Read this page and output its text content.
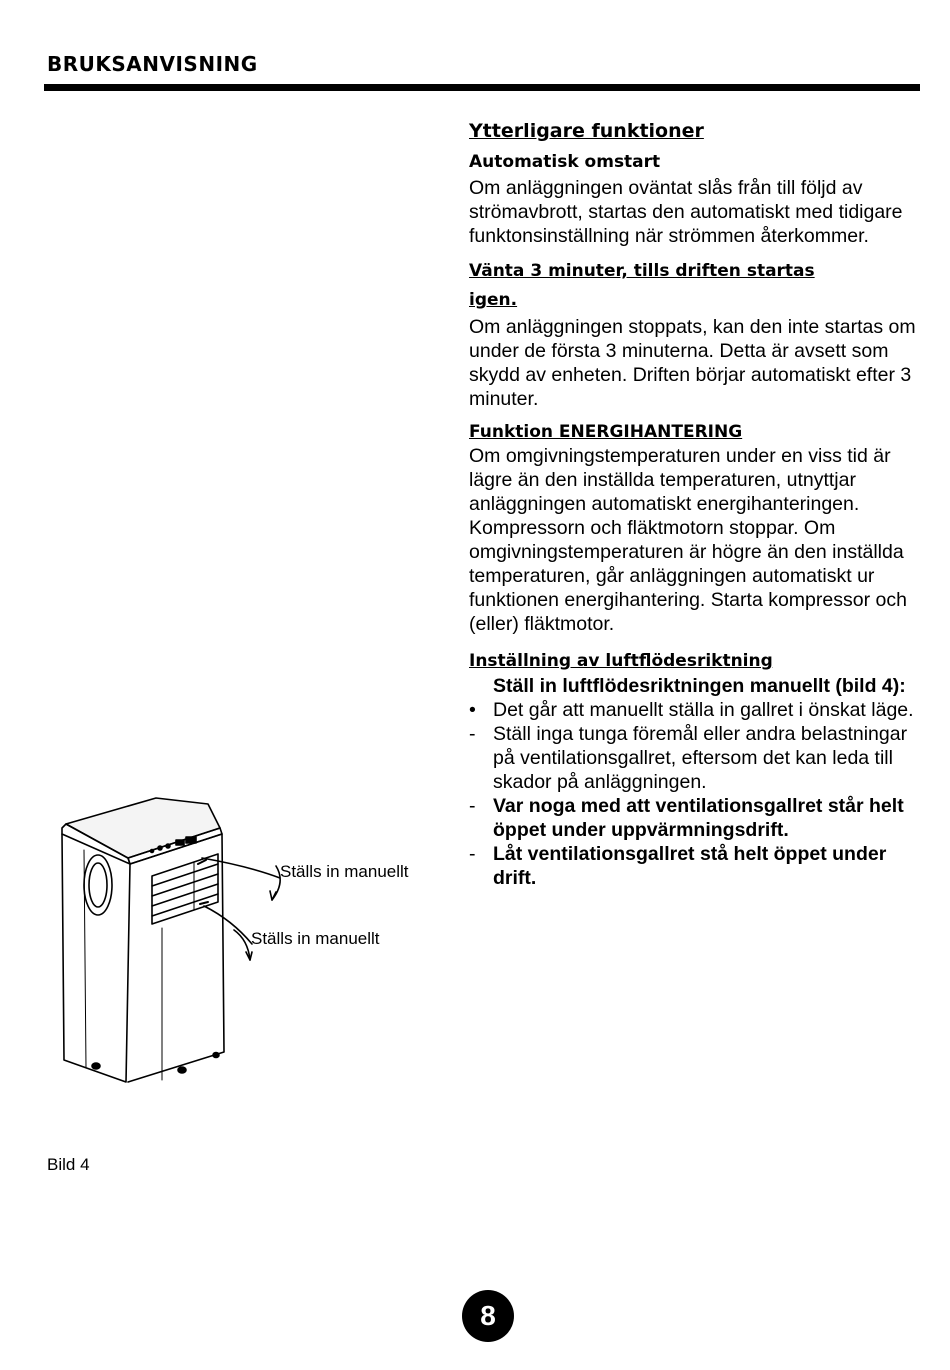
BRUKSANVISNING
Ytterligare funktioner
Automatisk omstart

Om anläggningen oväntat slås från till följd av strömavbrott, startas den automatiskt med tidigare funktonsinställning när strömmen återkommer.

Vänta 3 minuter, tills driften startas
igen.

Om anläggningen stoppats, kan den inte startas om under de första 3 minuterna. Detta är avsett som skydd av enheten. Driften börjar automatiskt efter 3 minuter.

Funktion ENERGIHANTERING

Om omgivningstemperaturen under en viss tid är lägre än den inställda temperaturen, utnyttjar anläggningen automatiskt energihanteringen. Kompressorn och fläktmotorn stoppar. Om omgivningstemperaturen är högre än den inställda temperaturen, går anläggningen automatiskt ur funktionen energihantering. Starta kompressor och (eller) fläktmotor.

Inställning av luftflödesriktning
Ställ in luftflödesriktningen manuellt (bild 4):
• Det går att manuellt ställa in gallret i önskat läge.
- Ställ inga tunga föremål eller andra belastningar på ventilationsgallret, eftersom det kan leda till skador på anläggningen.
- Var noga med att ventilationsgallret står helt öppet under uppvärmningsdrift.
- Låt ventilationsgallret stå helt öppet under drift.
Ställs in manuellt
Ställs in manuellt
Bild 4
8
